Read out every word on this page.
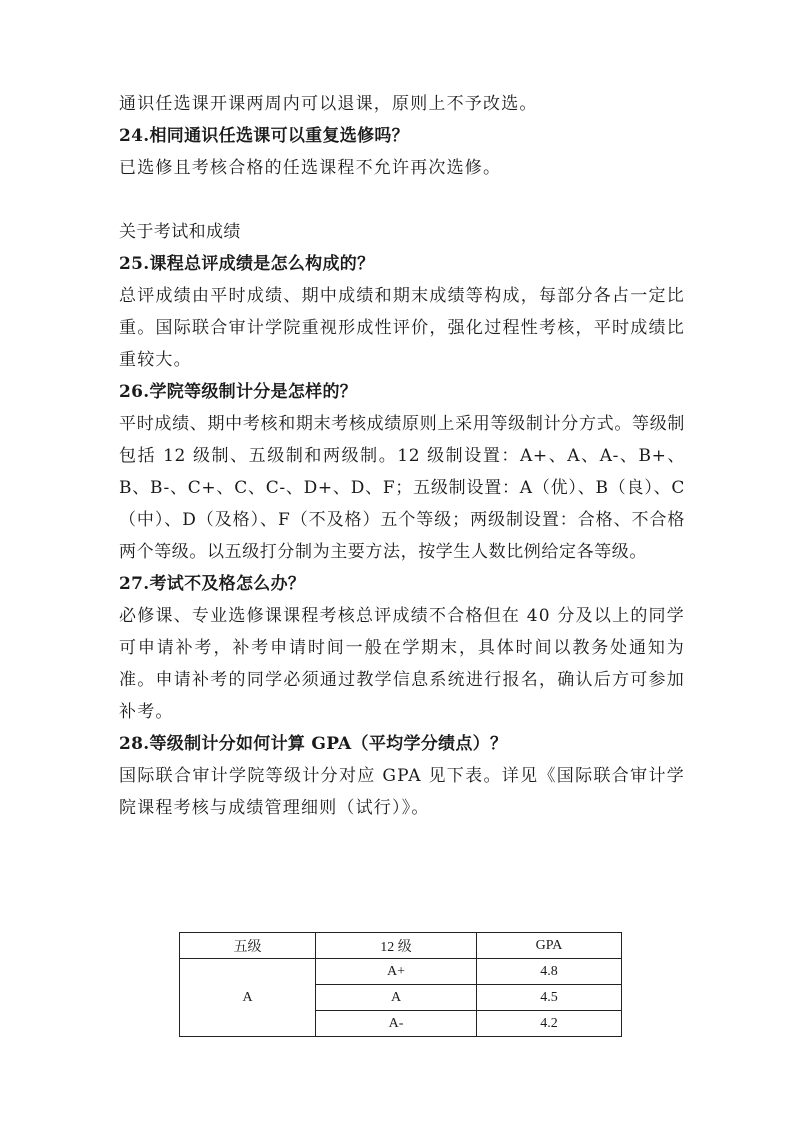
通识任选课开课两周内可以退课，原则上不予改选。

24.相同通识任选课可以重复选修吗？

已选修且考核合格的任选课程不允许再次选修。

关于考试和成绩

25.课程总评成绩是怎么构成的？

总评成绩由平时成绩、期中成绩和期末成绩等构成，每部分各占一定比重。国际联合审计学院重视形成性评价，强化过程性考核，平时成绩比重较大。

26.学院等级制计分是怎样的？

平时成绩、期中考核和期末考核成绩原则上采用等级制计分方式。等级制包括 12 级制、五级制和两级制。12 级制设置：A+、A、A-、B+、B、B-、C+、C、C-、D+、D、F；五级制设置：A（优）、B（良）、C（中）、D（及格）、F（不及格）五个等级；两级制设置：合格、不合格两个等级。以五级打分制为主要方法，按学生人数比例给定各等级。

27.考试不及格怎么办？

必修课、专业选修课课程考核总评成绩不合格但在 40 分及以上的同学可申请补考，补考申请时间一般在学期末，具体时间以教务处通知为准。申请补考的同学必须通过教学信息系统进行报名，确认后方可参加补考。

28.等级制计分如何计算 GPA（平均学分绩点）？

国际联合审计学院等级计分对应 GPA 见下表。详见《国际联合审计学院课程考核与成绩管理细则（试行）》。

五级	12 级	GPA
A	A+	4.8
	A	4.5
	A-	4.2
